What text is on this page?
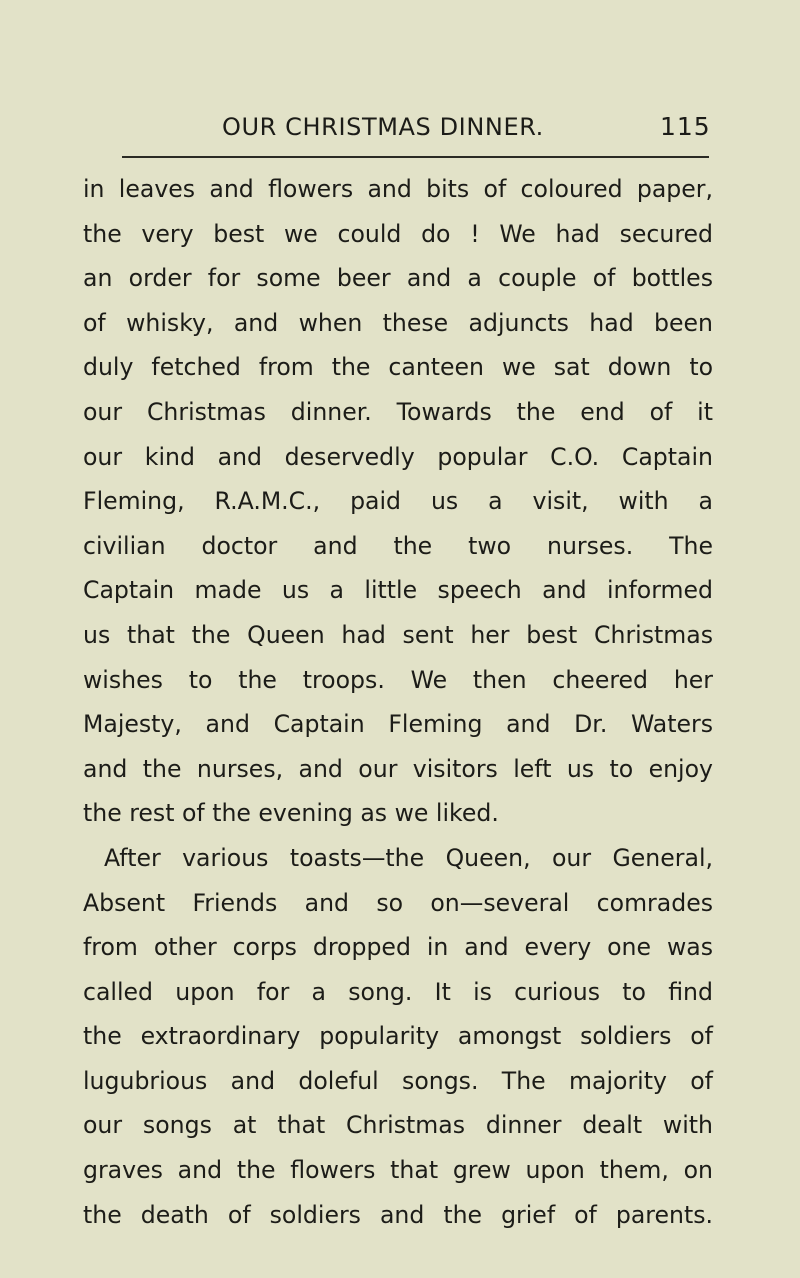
OUR CHRISTMAS DINNER.	115
in leaves and flowers and bits of coloured paper,
the very best we could do ! We had secured
an order for some beer and a couple of bottles
of whisky, and when these adjuncts had been
duly fetched from the canteen we sat down to
our Christmas dinner. Towards the end of it
our kind and deservedly popular C.O. Captain
Fleming, R.A.M.C., paid us a visit, with a
civilian doctor and the two nurses. The
Captain made us a little speech and informed
us that the Queen had sent her best Christmas
wishes to the troops. We then cheered her
Majesty, and Captain Fleming and Dr. Waters
and the nurses, and our visitors left us to enjoy
the rest of the evening as we liked.
After various toasts—the Queen, our General,
Absent Friends and so on—several comrades
from other corps dropped in and every one was
called upon for a song. It is curious to find
the extraordinary popularity amongst soldiers of
lugubrious and doleful songs. The majority of
our songs at that Christmas dinner dealt with
graves and the flowers that grew upon them, on
the death of soldiers and the grief of parents.
